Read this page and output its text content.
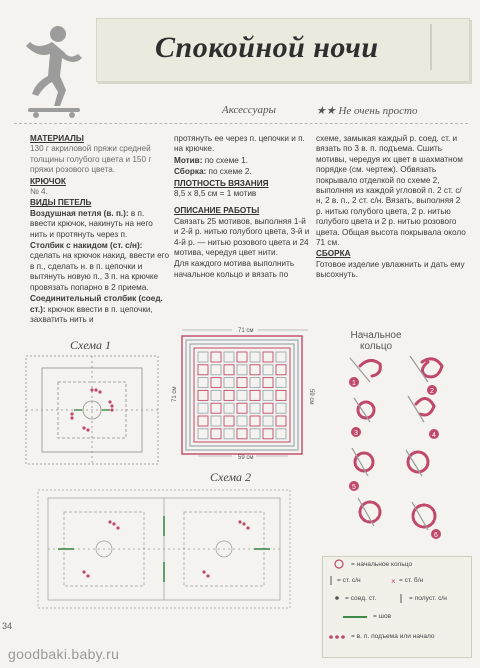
Спокойной ночи
Аксессуары	★★ Не очень просто
МАТЕРИАЛЫ
130 г акриловой пряжи средней толщины голубого цвета и 150 г пряжи розового цвета.
КРЮЧОК
№ 4.
ВИДЫ ПЕТЕЛЬ
Воздушная петля (в. п.): в п. ввести крючок, накинуть на него нить и протянуть через п.
Столбик с накидом (ст. с/н): сделать на крючок накид, ввести его в п., сделать н. в п. цепочки и вытянуть новую п., 3 п. на крючке провязать попарно в 2 приема.
Соединительный столбик (соед. ст.): крючок ввести в п. цепочки, захватить нить и
протянуть ее через п. цепочки и п. на крючке.
Мотив: по схеме 1.
Сборка: по схеме 2.
ПЛОТНОСТЬ ВЯЗАНИЯ
8,5 х 8,5 см = 1 мотив
ОПИСАНИЕ РАБОТЫ
Связать 25 мотивов, выполняя 1-й и 2-й р. нитью голубого цвета, 3-й и 4-й р. — нитью розового цвета и 24 мотива, чередуя цвет нити.
Для каждого мотива выполнить начальное кольцо и вязать по
схеме, замыкая каждый р. соед. ст. и вязать по 3 в. п. подъема. Сшить мотивы, чередуя их цвет в шахматном порядке (см. чертеж). Обвязать покрывало отделкой по схеме 2, выполняя из каждой угловой п. 2 ст. с/н, 2 в. п., 2 ст. с/н. Вязать, выполняя 2 р. нитью голубого цвета, 2 р. нитью голубого цвета и 2 р. нитью розового цвета. Общая высота покрывала около 71 см.
СБОРКА
Готовое изделие увлажнить и дать ему высохнуть.
Схема 1
71 см
71 см	59 см
59 см
Схема 2
Начальное кольцо
1
2
3	4
5
6
= начальное кольцо
= ст. с/н	= ст. б/н
= соед. ст.	= полуст. с/н
= шов
= в. п. подъема или начало
×
34
goodbaki.baby.ru
